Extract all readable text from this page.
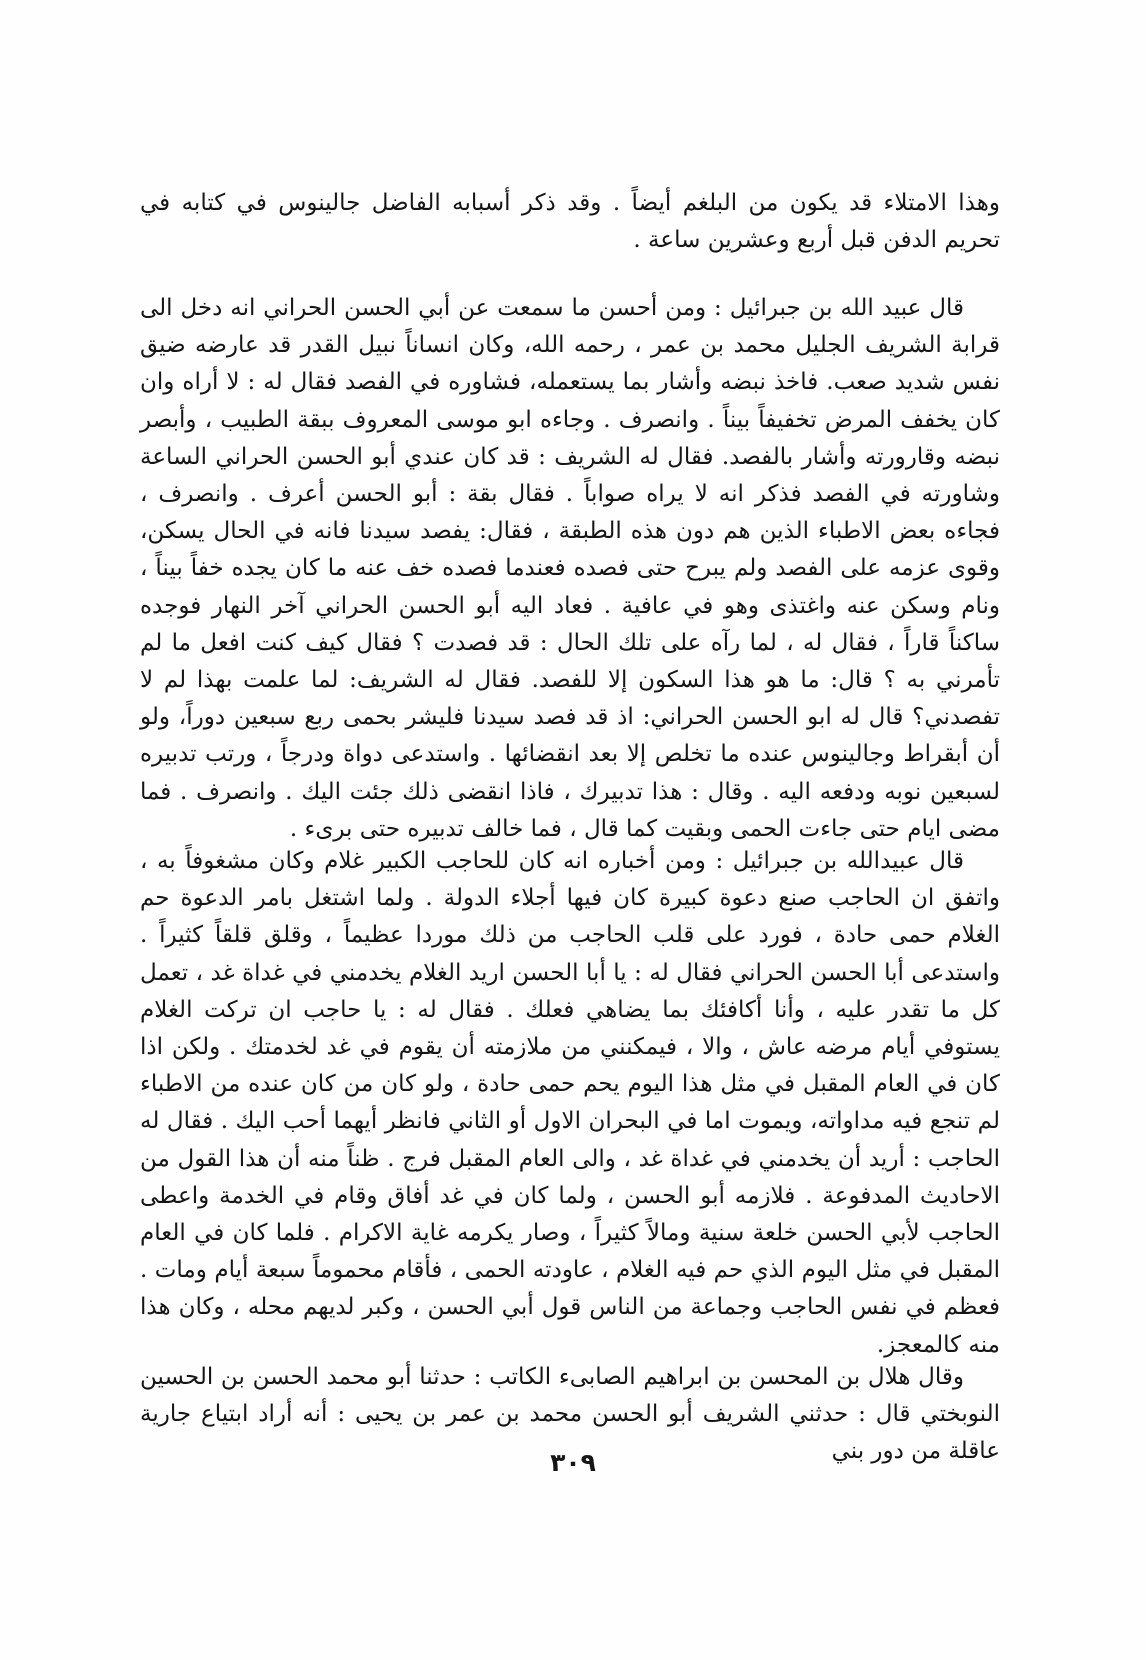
وهذا الامتلاء قد يكون من البلغم أيضاً . وقد ذكر أسبابه الفاضل جالينوس في كتابه في تحريم الدفن قبل أربع وعشرين ساعة .

قال عبيد الله بن جبرائيل : ومن أحسن ما سمعت عن أبي الحسن الحراني انه دخل الى قرابة الشريف الجليل محمد بن عمر ، رحمه الله، وكان انساناً نبيل القدر قد عارضه ضيق نفس شديد صعب. فاخذ نبضه وأشار بما يستعمله، فشاوره في الفصد فقال له : لا أراه وان كان يخفف المرض تخفيفاً بيناً . وانصرف . وجاءه ابو موسى المعروف ببقة الطبيب ، وأبصر نبضه وقارورته وأشار بالفصد. فقال له الشريف : قد كان عندي أبو الحسن الحراني الساعة وشاورته في الفصد فذكر انه لا يراه صواباً . فقال بقة : أبو الحسن أعرف . وانصرف ، فجاءه بعض الاطباء الذين هم دون هذه الطبقة ، فقال: يفصد سيدنا فانه في الحال يسكن، وقوى عزمه على الفصد ولم يبرح حتى فصده فعندما فصده خف عنه ما كان يجده خفاً بيناً ، ونام وسكن عنه واغتذى وهو في عافية . فعاد اليه أبو الحسن الحراني آخر النهار فوجده ساكناً قاراً ، فقال له ، لما رآه على تلك الحال : قد فصدت ؟ فقال كيف كنت افعل ما لم تأمرني به ؟ قال: ما هو هذا السكون إلا للفصد. فقال له الشريف: لما علمت بهذا لم لا تفصدني؟ قال له ابو الحسن الحراني: اذ قد فصد سيدنا فليشر بحمى ربع سبعين دوراً، ولو أن أبقراط وجالينوس عنده ما تخلص إلا بعد انقضائها . واستدعى دواة ودرجاً ، ورتب تدبيره لسبعين نوبه ودفعه اليه . وقال : هذا تدبيرك ، فاذا انقضى ذلك جئت اليك . وانصرف . فما مضى ايام حتى جاءت الحمى وبقيت كما قال ، فما خالف تدبيره حتى برىء .

قال عبيدالله بن جبرائيل : ومن أخباره انه كان للحاجب الكبير غلام وكان مشغوفاً به ، واتفق ان الحاجب صنع دعوة كبيرة كان فيها أجلاء الدولة . ولما اشتغل بامر الدعوة حم الغلام حمى حادة ، فورد على قلب الحاجب من ذلك موردا عظيماً ، وقلق قلقاً كثيراً . واستدعى أبا الحسن الحراني فقال له : يا أبا الحسن اريد الغلام يخدمني في غداة غد ، تعمل كل ما تقدر عليه ، وأنا أكافئك بما يضاهي فعلك . فقال له : يا حاجب ان تركت الغلام يستوفي أيام مرضه عاش ، والا ، فيمكنني من ملازمته أن يقوم في غد لخدمتك . ولكن اذا كان في العام المقبل في مثل هذا اليوم يحم حمى حادة ، ولو كان من كان عنده من الاطباء لم تنجع فيه مداواته، ويموت اما في البحران الاول أو الثاني فانظر أيهما أحب اليك . فقال له الحاجب : أريد أن يخدمني في غداة غد ، والى العام المقبل فرج . ظناً منه أن هذا القول من الاحاديث المدفوعة . فلازمه أبو الحسن ، ولما كان في غد أفاق وقام في الخدمة واعطى الحاجب لأبي الحسن خلعة سنية ومالاً كثيراً ، وصار يكرمه غاية الاكرام . فلما كان في العام المقبل في مثل اليوم الذي حم فيه الغلام ، عاودته الحمى ، فأقام محموماً سبعة أيام ومات . فعظم في نفس الحاجب وجماعة من الناس قول أبي الحسن ، وكبر لديهم محله ، وكان هذا منه كالمعجز.

وقال هلال بن المحسن بن ابراهيم الصابىء الكاتب : حدثنا أبو محمد الحسن بن الحسين النوبختي قال : حدثني الشريف أبو الحسن محمد بن عمر بن يحيى : أنه أراد ابتياع جارية عاقلة من دور بني

٣٠٩
